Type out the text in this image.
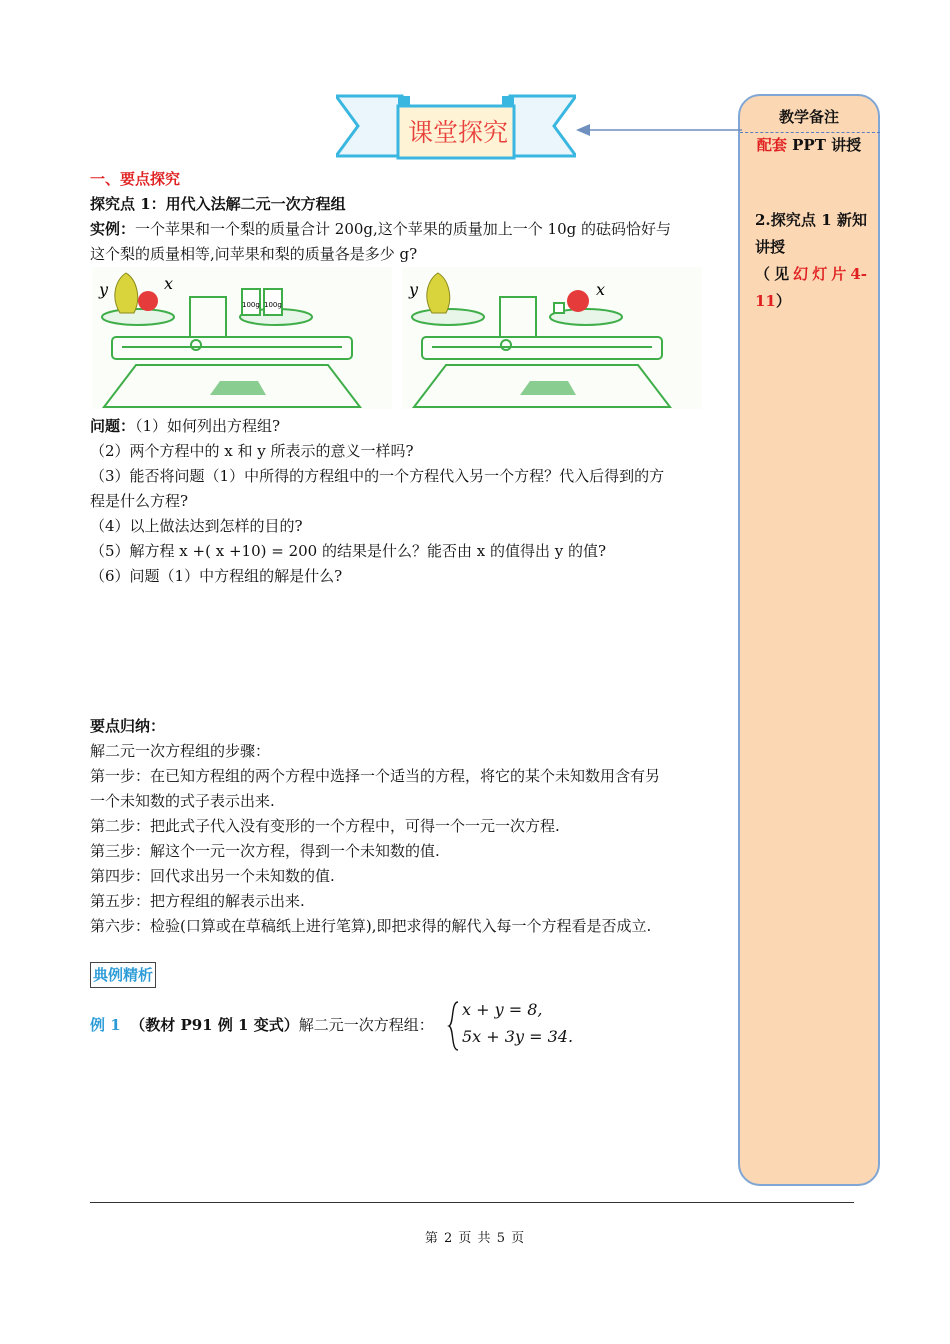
课堂探究
教学备注
配套 PPT 讲授
2.探究点 1 新知讲授
（见幻灯片4-11）
一、要点探究
探究点 1：用代入法解二元一次方程组
实例：一个苹果和一个梨的质量合计 200g,这个苹果的质量加上一个 10g 的砝码恰好与
这个梨的质量相等,问苹果和梨的质量各是多少 g?
y	x
100g 100g
y	x
问题：（1）如何列出方程组?
（2）两个方程中的 x 和 y 所表示的意义一样吗?
（3）能否将问题（1）中所得的方程组中的一个方程代入另一个方程？代入后得到的方
程是什么方程?
（4）以上做法达到怎样的目的?
（5）解方程 x +( x +10) = 200 的结果是什么？能否由 x 的值得出 y 的值?
（6）问题（1）中方程组的解是什么?
要点归纳：
解二元一次方程组的步骤：
第一步：在已知方程组的两个方程中选择一个适当的方程，将它的某个未知数用含有另
一个未知数的式子表示出来.
第二步：把此式子代入没有变形的一个方程中，可得一个一元一次方程.
第三步：解这个一元一次方程，得到一个未知数的值.
第四步：回代求出另一个未知数的值.
第五步：把方程组的解表示出来.
第六步：检验(口算或在草稿纸上进行笔算),即把求得的解代入每一个方程看是否成立.
典例精析
例 1 （教材 P91 例 1 变式）解二元一次方程组：
x + y = 8,
5x + 3y = 34.
第 2 页 共 5 页
